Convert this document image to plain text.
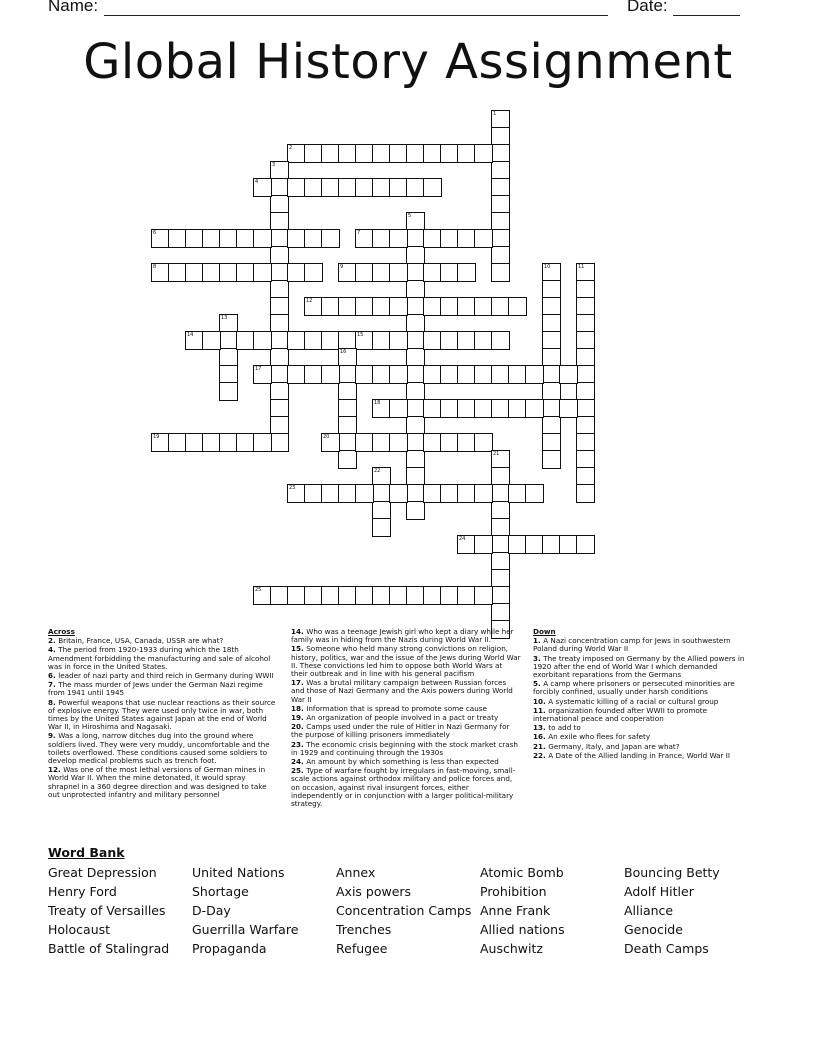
Name:	Date:
Global History Assignment
1
2
3
4
5
6	7
8	9	10	11
12
13
14	15
16
17
18
19	20
21
22
23
24
25
Across
2. Britain, France, USA, Canada, USSR are what?
4. The period from 1920-1933 during which the 18th Amendment forbidding the manufacturing and sale of alcohol was in force in the United States.
6. leader of nazi party and third reich in Germany during WWII
7. The mass murder of Jews under the German Nazi regime from 1941 until 1945
8. Powerful weapons that use nuclear reactions as their source of explosive energy. They were used only twice in war, both times by the United States against Japan at the end of World War II, in Hiroshima and Nagasaki.
9. Was a long, narrow ditches dug into the ground where soldiers lived. They were very muddy, uncomfortable and the toilets overflowed. These conditions caused some soldiers to develop medical problems such as trench foot.
12. Was one of the most lethal versions of German mines in World War II. When the mine detonated, it would spray shrapnel in a 360 degree direction and was designed to take out unprotected infantry and military personnel
14. Who was a teenage Jewish girl who kept a diary while her family was in hiding from the Nazis during World War II.
15. Someone who held many strong convictions on religion, history, politics, war and the issue of the Jews during World War II. These convictions led him to oppose both World Wars at their outbreak and in line with his general pacifism
17. Was a brutal military campaign between Russian forces and those of Nazi Germany and the Axis powers during World War II
18. Information that is spread to promote some cause
19. An organization of people involved in a pact or treaty
20. Camps used under the rule of Hitler in Nazi Germany for the purpose of killing prisoners immediately
23. The economic crisis beginning with the stock market crash in 1929 and continuing through the 1930s
24. An amount by which something is less than expected
25. Type of warfare fought by irregulars in fast-moving, small-scale actions against orthodox military and police forces and, on occasion, against rival insurgent forces, either independently or in conjunction with a larger political-military strategy.
Down
1. A Nazi concentration camp for Jews in southwestern Poland during World War II
3. The treaty imposed on Germany by the Allied powers in 1920 after the end of World War I which demanded exorbitant reparations from the Germans
5. A camp where prisoners or persecuted minorities are forcibly confined, usually under harsh conditions
10. A systematic killing of a racial or cultural group
11. organization founded after WWII to promote international peace and cooperation
13. to add to
16. An exile who flees for safety
21. Germany, Italy, and Japan are what?
22. A Date of the Allied landing in France, World War II
Word Bank
Great Depression
Henry Ford
Treaty of Versailles
Holocaust
Battle of Stalingrad
United Nations
Shortage
D-Day
Guerrilla Warfare
Propaganda
Annex
Axis powers
Concentration Camps
Trenches
Refugee
Atomic Bomb
Prohibition
Anne Frank
Allied nations
Auschwitz
Bouncing Betty
Adolf Hitler
Alliance
Genocide
Death Camps
